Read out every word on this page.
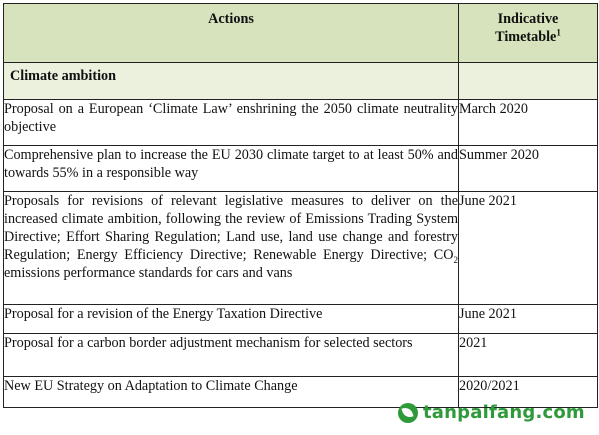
Actions	Indicative
Timetable$^1$
Climate ambition	
Proposal on a European ‘Climate Law’ enshrining the 2050 climate neutrality objective	March 2020
Comprehensive plan to increase the EU 2030 climate target to at least 50% and towards 55% in a responsible way	Summer 2020
Proposals for revisions of relevant legislative measures to deliver on the increased climate ambition, following the review of Emissions Trading System Directive; Effort Sharing Regulation; Land use, land use change and forestry Regulation; Energy Efficiency Directive; Renewable Energy Directive; $CO_2$ emissions performance standards for cars and vans	June 2021
Proposal for a revision of the Energy Taxation Directive	June 2021
Proposal for a carbon border adjustment mechanism for selected sectors	2021
New EU Strategy on Adaptation to Climate Change	2020/2021
tanpaifang.com
